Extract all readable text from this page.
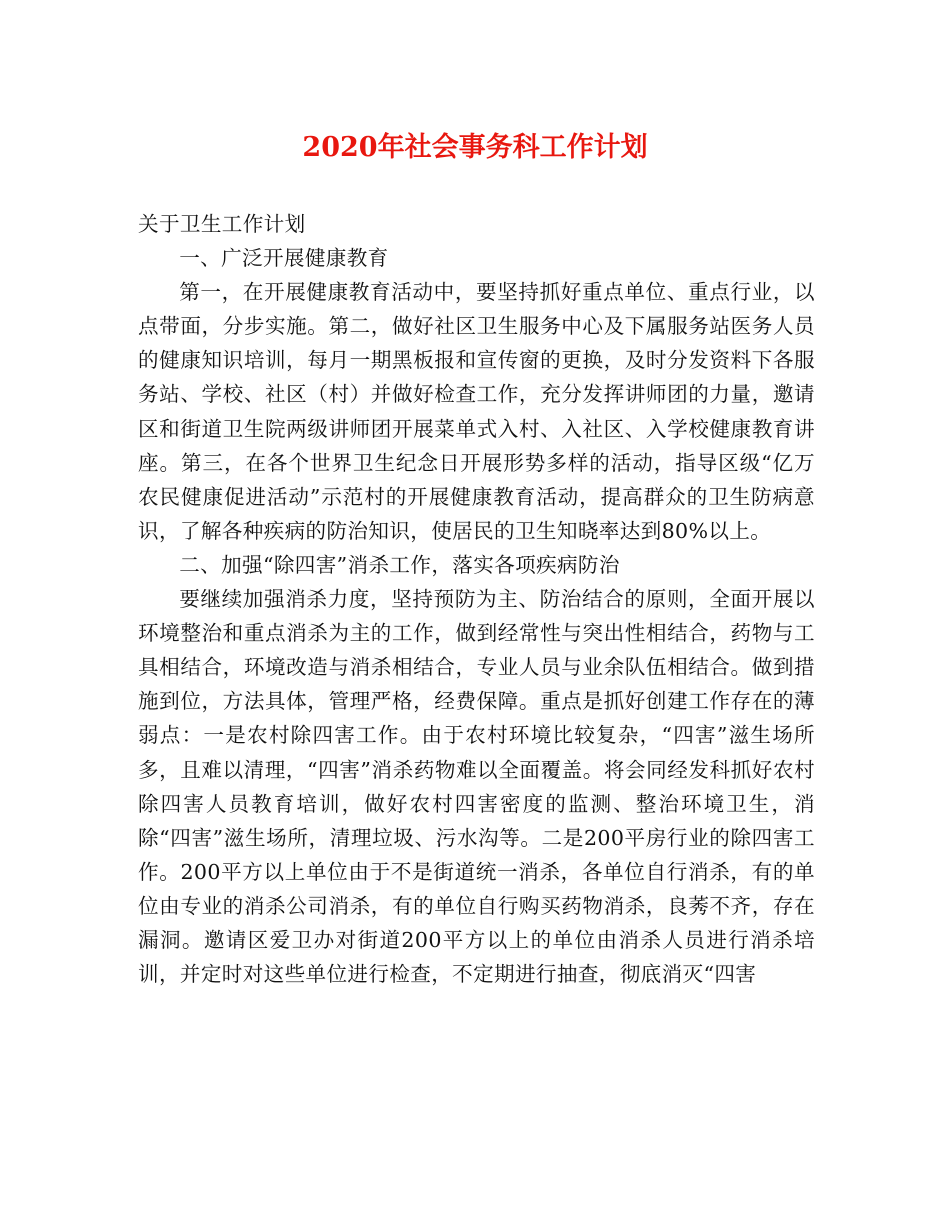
2020年社会事务科工作计划

关于卫生工作计划

一、广泛开展健康教育

第一，在开展健康教育活动中，要坚持抓好重点单位、重点行业，以点带面，分步实施。第二，做好社区卫生服务中心及下属服务站医务人员的健康知识培训，每月一期黑板报和宣传窗的更换，及时分发资料下各服务站、学校、社区（村）并做好检查工作，充分发挥讲师团的力量，邀请区和街道卫生院两级讲师团开展菜单式入村、入社区、入学校健康教育讲座。第三，在各个世界卫生纪念日开展形势多样的活动，指导区级“亿万农民健康促进活动”示范村的开展健康教育活动，提高群众的卫生防病意识，了解各种疾病的防治知识，使居民的卫生知晓率达到80%以上。

二、加强“除四害”消杀工作，落实各项疾病防治

要继续加强消杀力度，坚持预防为主、防治结合的原则，全面开展以环境整治和重点消杀为主的工作，做到经常性与突出性相结合，药物与工具相结合，环境改造与消杀相结合，专业人员与业余队伍相结合。做到措施到位，方法具体，管理严格，经费保障。重点是抓好创建工作存在的薄弱点：一是农村除四害工作。由于农村环境比较复杂，“四害”滋生场所多，且难以清理，“四害”消杀药物难以全面覆盖。将会同经发科抓好农村除四害人员教育培训，做好农村四害密度的监测、整治环境卫生，消除“四害”滋生场所，清理垃圾、污水沟等。二是200平房行业的除四害工作。200平方以上单位由于不是街道统一消杀，各单位自行消杀，有的单位由专业的消杀公司消杀，有的单位自行购买药物消杀，良莠不齐，存在漏洞。邀请区爱卫办对街道200平方以上的单位由消杀人员进行消杀培训，并定时对这些单位进行检查，不定期进行抽查，彻底消灭“四害
